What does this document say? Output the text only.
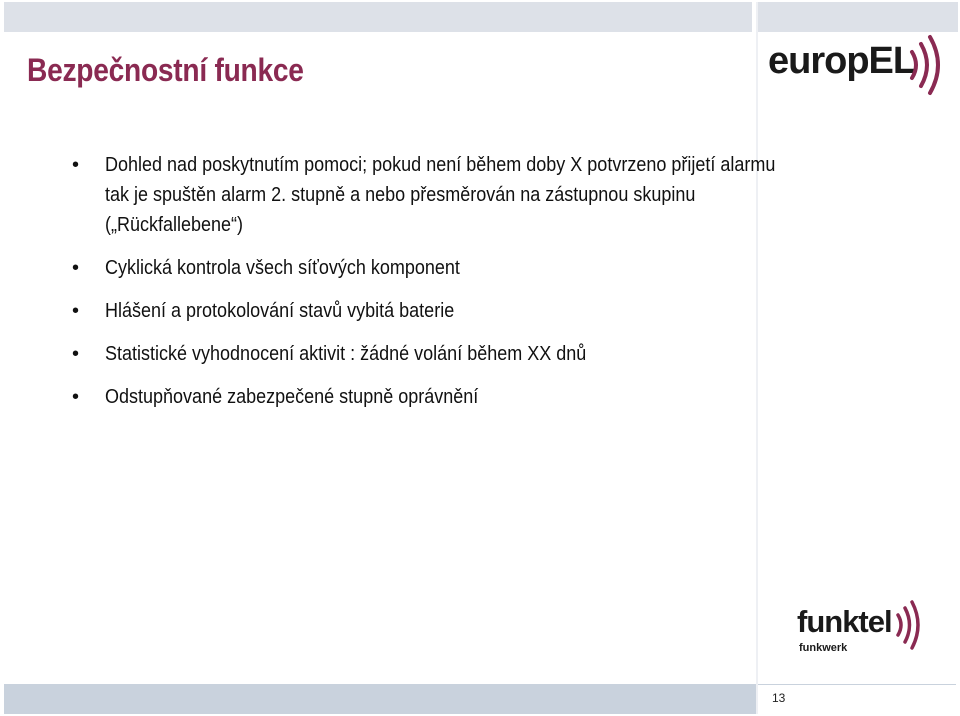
Bezpečnostní funkce
• Dohled nad poskytnutím pomoci; pokud není během doby X potvrzeno přijetí alarmu tak je spuštěn alarm 2. stupně a nebo přesměrován na zástupnou skupinu („Rückfallebene“)
• Cyklická kontrola všech síťových komponent
• Hlášení a protokolování stavů vybitá baterie
• Statistické vyhodnocení aktivit : žádné volání během XX dnů
• Odstupňované zabezpečené stupně oprávnění
europEL
funktel
funkwerk
13
